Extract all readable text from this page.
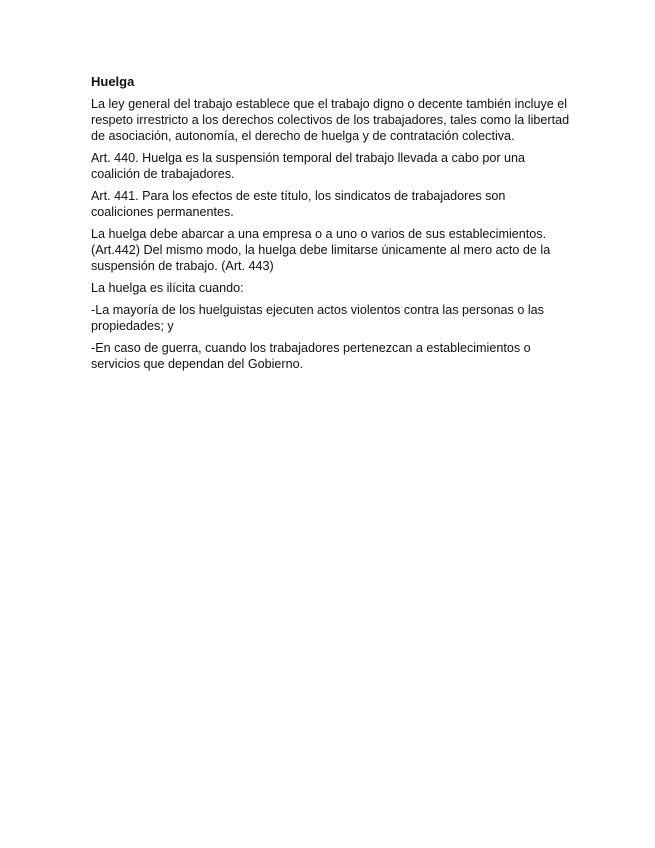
Huelga

La ley general del trabajo establece que el trabajo digno o decente también incluye el respeto irrestricto a los derechos colectivos de los trabajadores, tales como la libertad de asociación, autonomía, el derecho de huelga y de contratación colectiva.

Art. 440. Huelga es la suspensión temporal del trabajo llevada a cabo por una coalición de trabajadores.

Art. 441. Para los efectos de este título, los sindicatos de trabajadores son coaliciones permanentes.

La huelga debe abarcar a una empresa o a uno o varios de sus establecimientos. (Art.442) Del mismo modo, la huelga debe limitarse únicamente al mero acto de la suspensión de trabajo. (Art. 443)

La huelga es ilícita cuando:

-La mayoría de los huelguistas ejecuten actos violentos contra las personas o las propiedades; y

-En caso de guerra, cuando los trabajadores pertenezcan a establecimientos o servicios que dependan del Gobierno.
